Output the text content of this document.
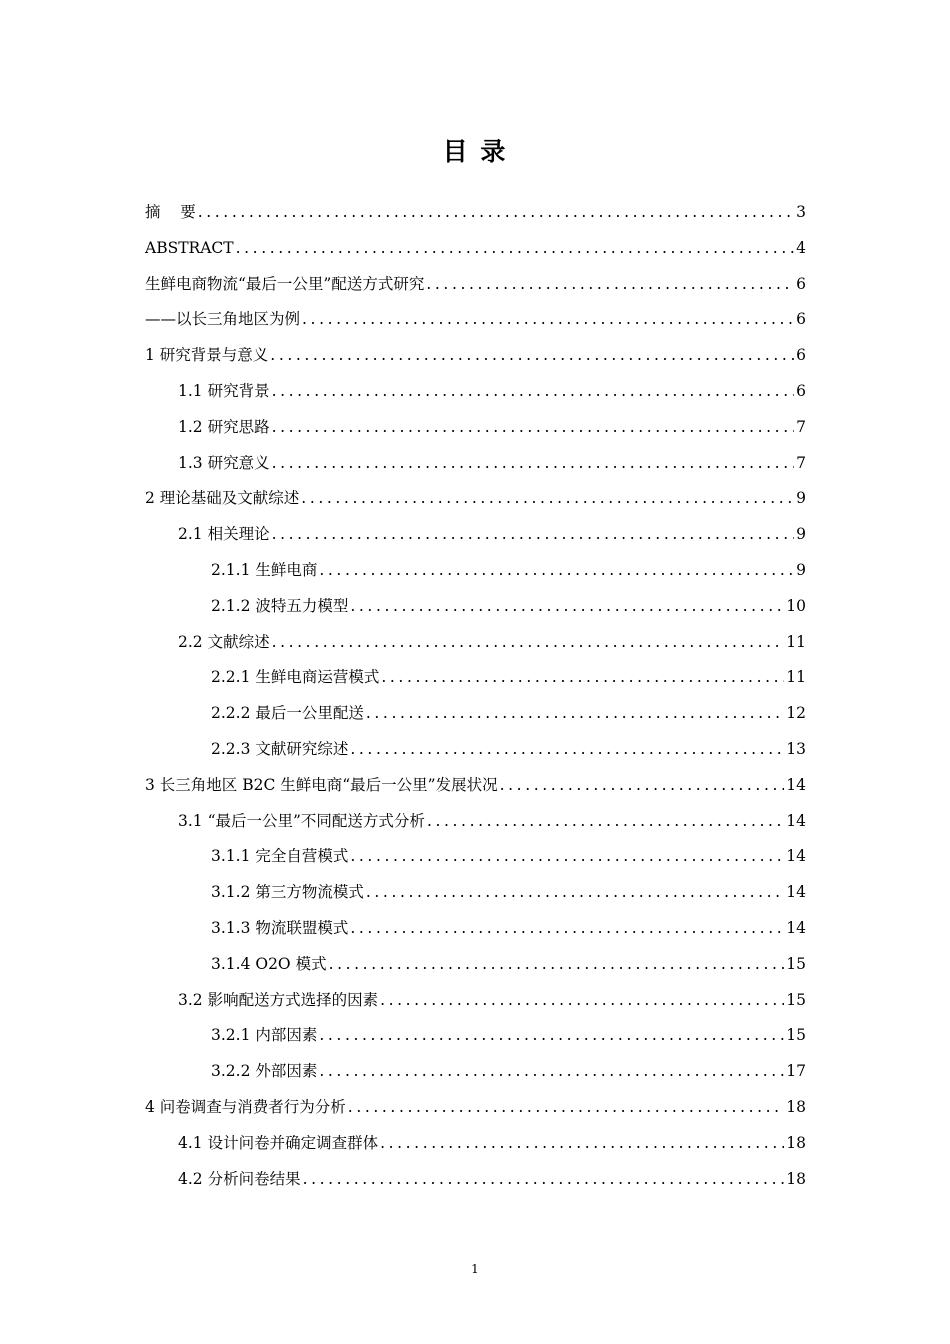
目 录
摘    要 .....	3
ABSTRACT .....	4
生鲜电商物流“最后一公里”配送方式研究 .....	6
——以长三角地区为例 .....	6
1 研究背景与意义 .....	6
1.1 研究背景 .....	6
1.2 研究思路 .....	7
1.3 研究意义 .....	7
2 理论基础及文献综述 .....	9
2.1 相关理论 .....	9
2.1.1 生鲜电商 .....	9
2.1.2 波特五力模型 .....	10
2.2 文献综述 .....	11
2.2.1 生鲜电商运营模式 .....	11
2.2.2 最后一公里配送 .....	12
2.2.3 文献研究综述 .....	13
3 长三角地区 B2C 生鲜电商“最后一公里”发展状况 .....	14
3.1 “最后一公里”不同配送方式分析 .....	14
3.1.1 完全自营模式 .....	14
3.1.2 第三方物流模式 .....	14
3.1.3 物流联盟模式 .....	14
3.1.4 O2O 模式 .....	15
3.2 影响配送方式选择的因素 .....	15
3.2.1 内部因素 .....	15
3.2.2 外部因素 .....	17
4 问卷调查与消费者行为分析 .....	18
4.1 设计问卷并确定调查群体 .....	18
4.2 分析问卷结果 .....	18
1
